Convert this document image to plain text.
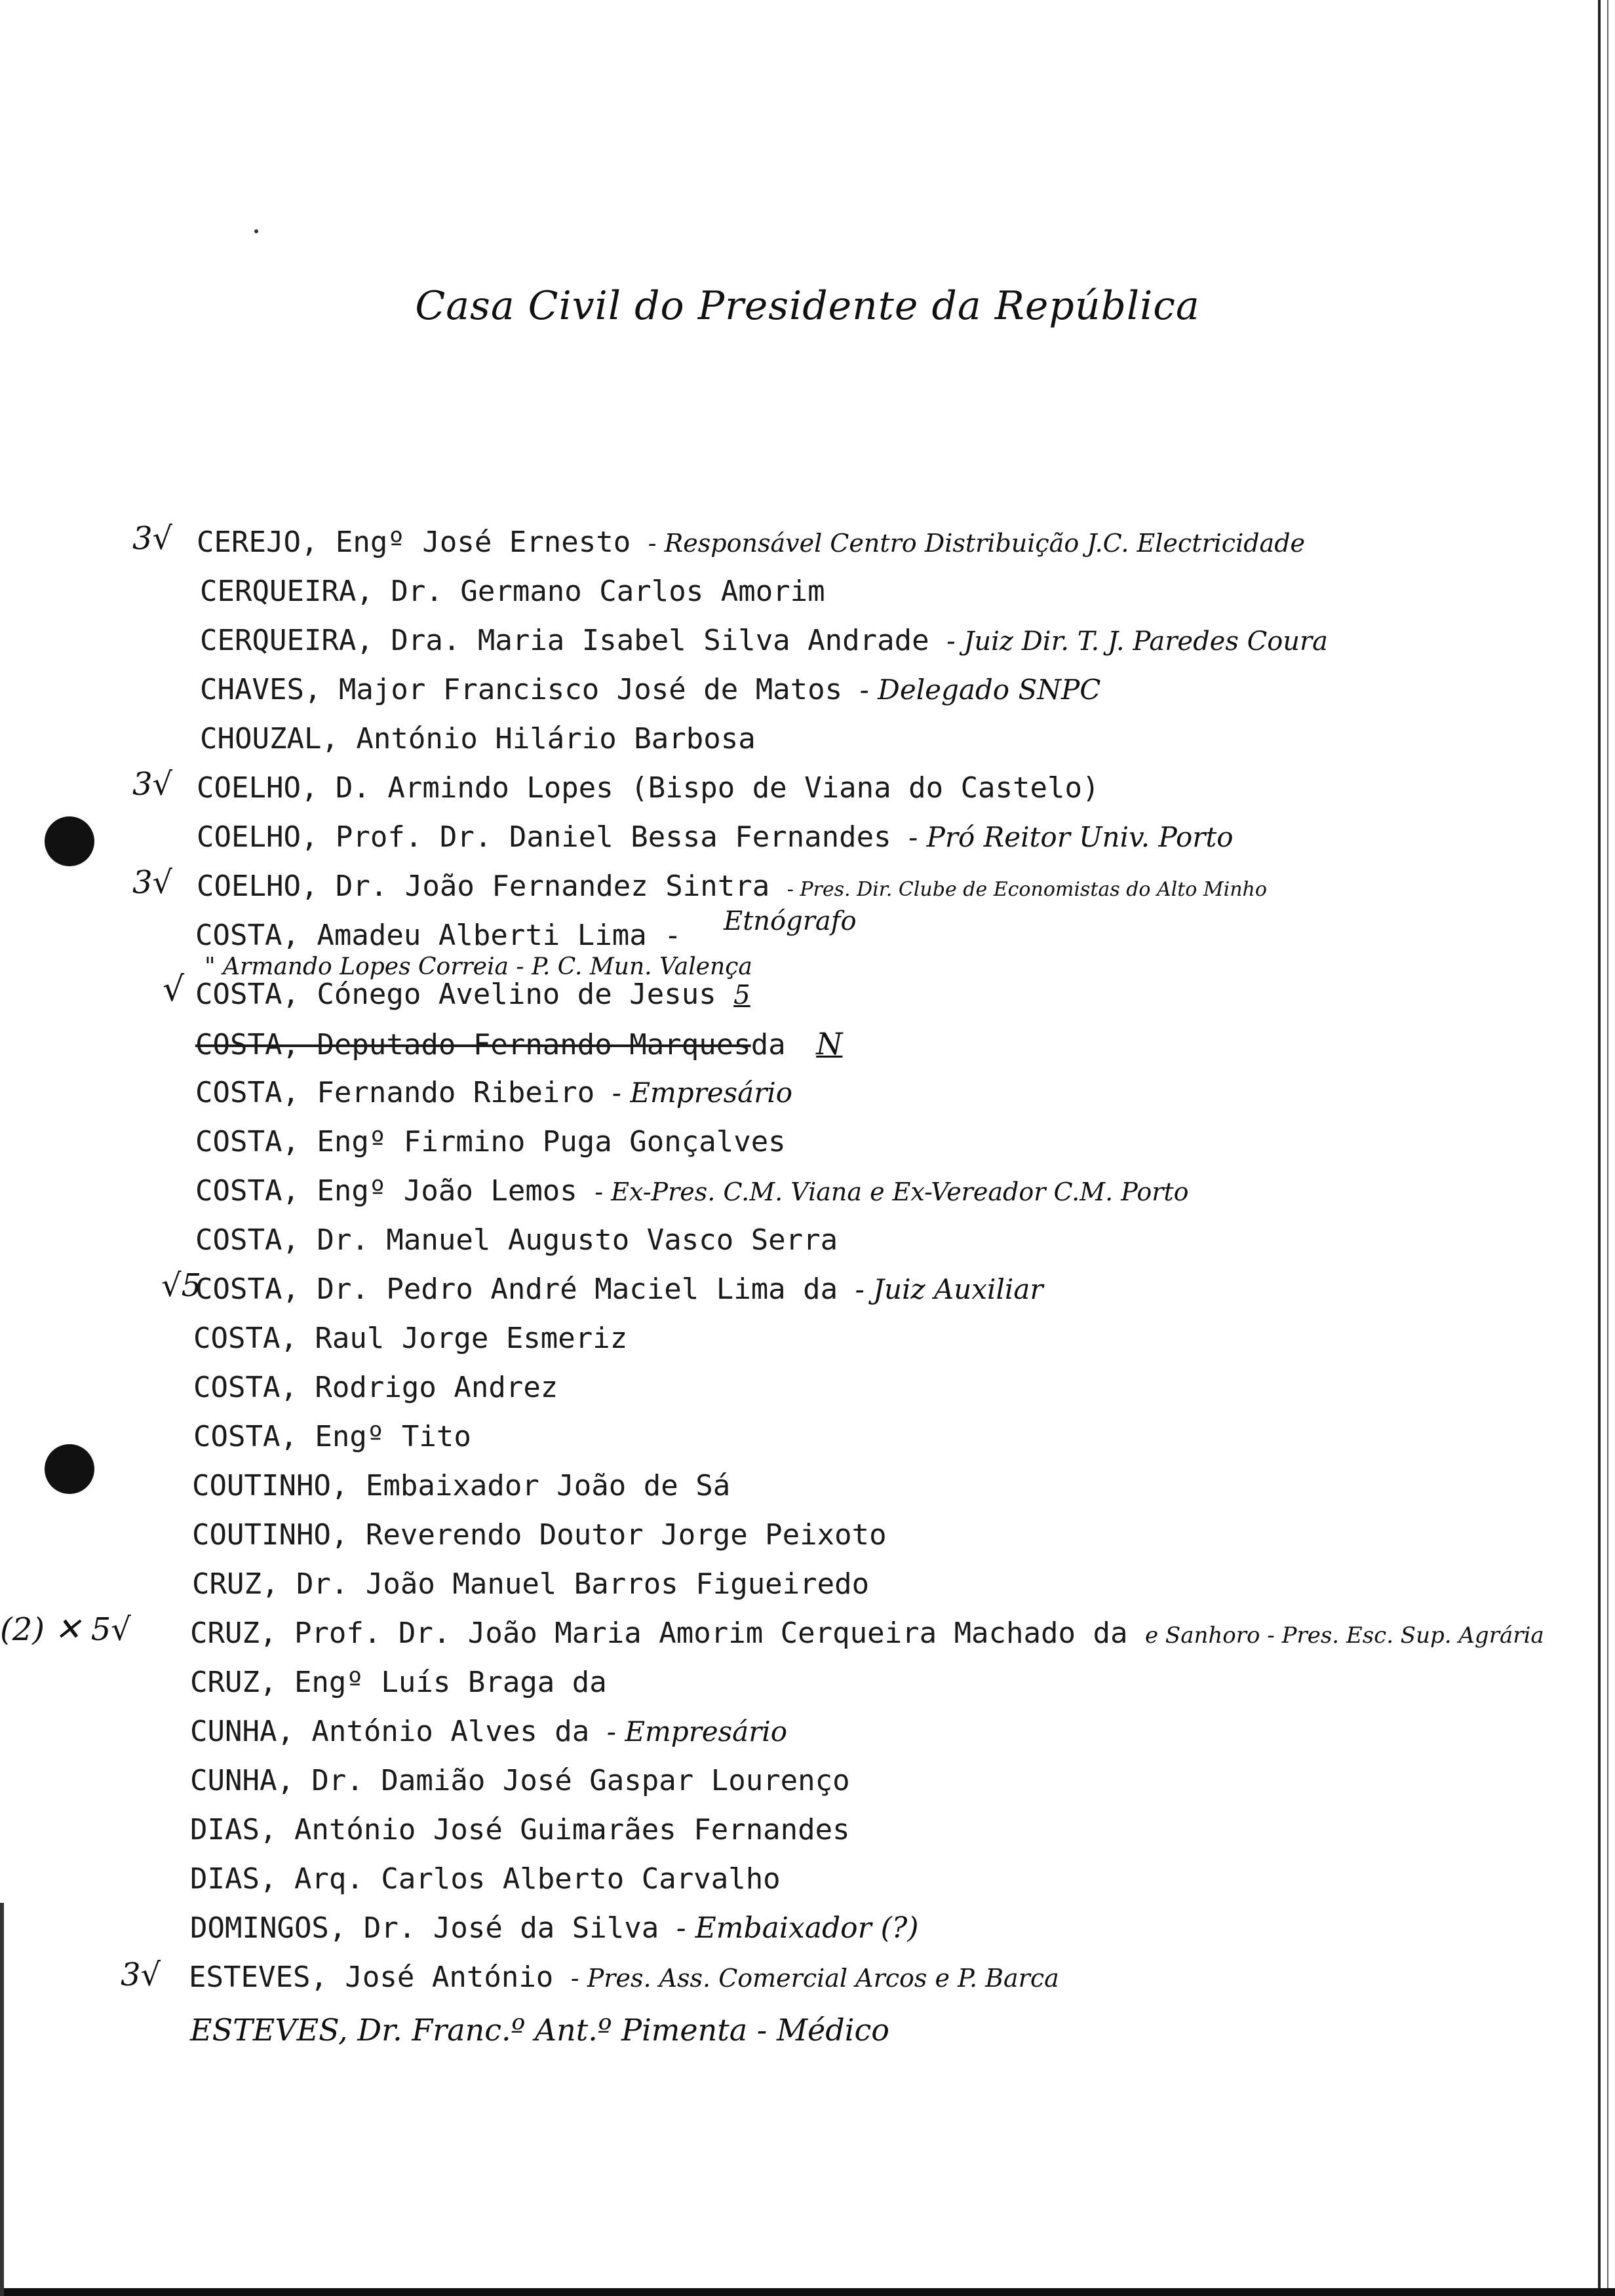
Casa Civil do Presidente da República
3√ CEREJO, Engº José Ernesto - Responsável Centro Distribuição J.C. Electricidade
CERQUEIRA, Dr. Germano Carlos Amorim
CERQUEIRA, Dra. Maria Isabel Silva Andrade - Juiz Dir. T. J. Paredes Coura
CHAVES, Major Francisco José de Matos - Delegado SNPC
CHOUZAL, António Hilário Barbosa
3√ COELHO, D. Armindo Lopes (Bispo de Viana do Castelo)
COELHO, Prof. Dr. Daniel Bessa Fernandes - Pró Reitor Univ. Porto
3√ COELHO, Dr. João Fernandez Sintra - Pres. Dir. Clube de Economistas do Alto Minho
COSTA, Amadeu Alberti Lima - Etnógrafo
√
" Armando Lopes Correia - P. C. Mun. Valença
COSTA, Cónego Avelino de Jesus 5
COSTA, Deputado Fernando Marquesda N
COSTA, Fernando Ribeiro - Empresário
COSTA, Engº Firmino Puga Gonçalves
COSTA, Engº João Lemos - Ex-Pres. C.M. Viana e Ex-Vereador C.M. Porto
COSTA, Dr. Manuel Augusto Vasco Serra
√5
COSTA, Dr. Pedro André Maciel Lima da - Juiz Auxiliar
COSTA, Raul Jorge Esmeriz
COSTA, Rodrigo Andrez
COSTA, Engº Tito
COUTINHO, Embaixador João de Sá
COUTINHO, Reverendo Doutor Jorge Peixoto
CRUZ, Dr. João Manuel Barros Figueiredo
(2) ✕ 5√ CRUZ, Prof. Dr. João Maria Amorim Cerqueira Machado da e Sanhoro - Pres. Esc. Sup. Agrária
CRUZ, Engº Luís Braga da
CUNHA, António Alves da - Empresário
CUNHA, Dr. Damião José Gaspar Lourenço
DIAS, António José Guimarães Fernandes
DIAS, Arq. Carlos Alberto Carvalho
DOMINGOS, Dr. José da Silva - Embaixador (?)
3√ ESTEVES, José António - Pres. Ass. Comercial Arcos e P. Barca
ESTEVES, Dr. Franc.º Ant.º Pimenta - Médico
